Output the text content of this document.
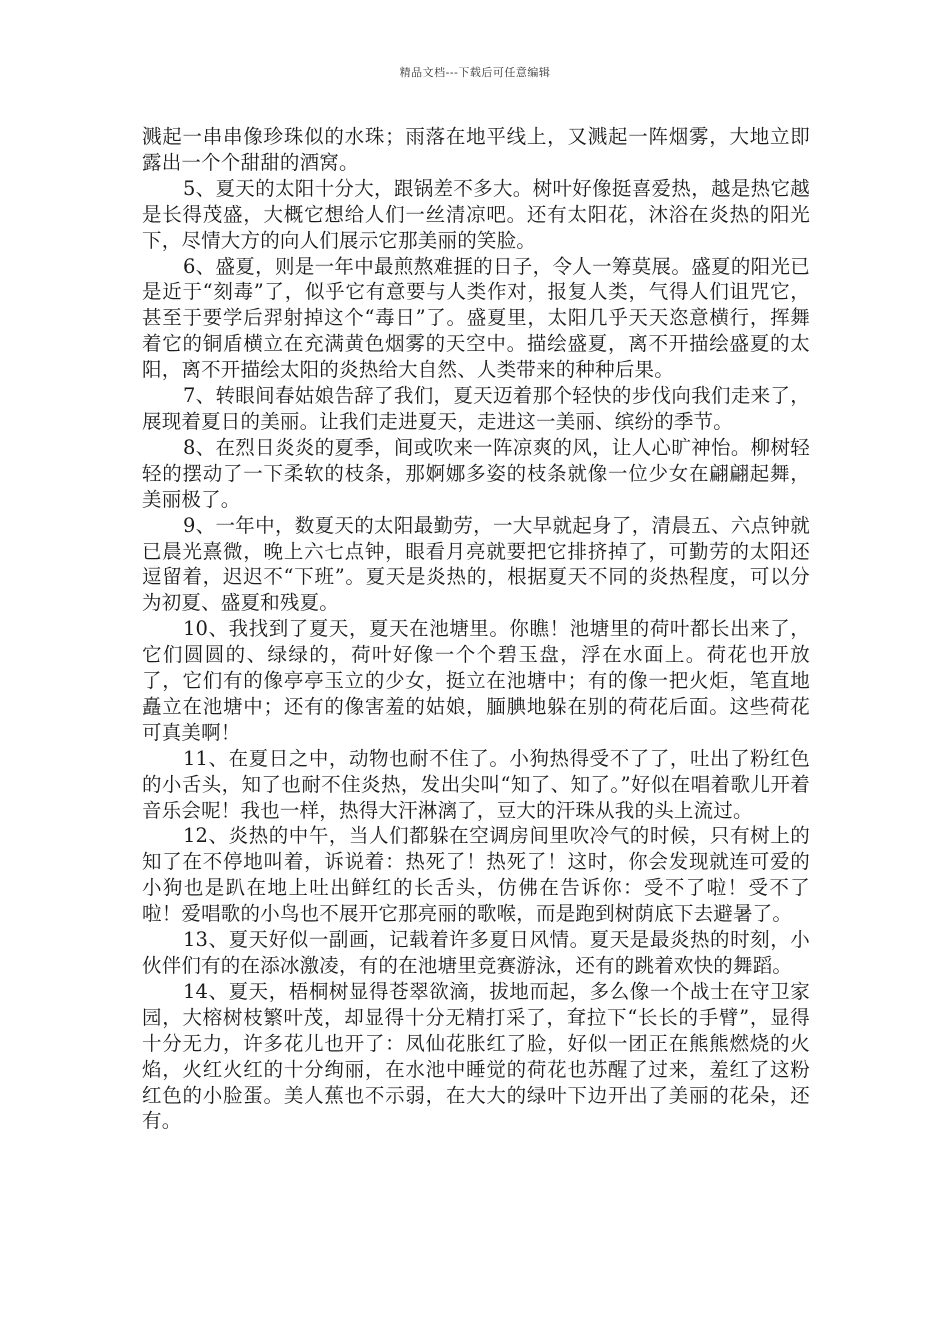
精品文档---下载后可任意编辑

溅起一串串像珍珠似的水珠；雨落在地平线上，又溅起一阵烟雾，大地立即露出一个个甜甜的酒窝。

5、夏天的太阳十分大，跟锅差不多大。树叶好像挺喜爱热，越是热它越是长得茂盛，大概它想给人们一丝清凉吧。还有太阳花，沐浴在炎热的阳光下，尽情大方的向人们展示它那美丽的笑脸。

6、盛夏，则是一年中最煎熬难捱的日子，令人一筹莫展。盛夏的阳光已是近于“刻毒”了，似乎它有意要与人类作对，报复人类，气得人们诅咒它，甚至于要学后羿射掉这个“毒日”了。盛夏里，太阳几乎天天恣意横行，挥舞着它的铜盾横立在充满黄色烟雾的天空中。描绘盛夏，离不开描绘盛夏的太阳，离不开描绘太阳的炎热给大自然、人类带来的种种后果。

7、转眼间春姑娘告辞了我们，夏天迈着那个轻快的步伐向我们走来了，展现着夏日的美丽。让我们走进夏天，走进这一美丽、缤纷的季节。

8、在烈日炎炎的夏季，间或吹来一阵凉爽的风，让人心旷神怡。柳树轻轻的摆动了一下柔软的枝条，那婀娜多姿的枝条就像一位少女在翩翩起舞，美丽极了。

9、一年中，数夏天的太阳最勤劳，一大早就起身了，清晨五、六点钟就已晨光熹微，晚上六七点钟，眼看月亮就要把它排挤掉了，可勤劳的太阳还逗留着，迟迟不“下班”。夏天是炎热的，根据夏天不同的炎热程度，可以分为初夏、盛夏和残夏。

10、我找到了夏天，夏天在池塘里。你瞧！池塘里的荷叶都长出来了，它们圆圆的、绿绿的，荷叶好像一个个碧玉盘，浮在水面上。荷花也开放了，它们有的像亭亭玉立的少女，挺立在池塘中；有的像一把火炬，笔直地矗立在池塘中；还有的像害羞的姑娘，腼腆地躲在别的荷花后面。这些荷花可真美啊！

11、在夏日之中，动物也耐不住了。小狗热得受不了了，吐出了粉红色的小舌头，知了也耐不住炎热，发出尖叫“知了、知了。”好似在唱着歌儿开着音乐会呢！我也一样，热得大汗淋漓了，豆大的汗珠从我的头上流过。

12、炎热的中午，当人们都躲在空调房间里吹冷气的时候，只有树上的知了在不停地叫着，诉说着：热死了！热死了！这时，你会发现就连可爱的小狗也是趴在地上吐出鲜红的长舌头，仿佛在告诉你：受不了啦！受不了啦！爱唱歌的小鸟也不展开它那亮丽的歌喉，而是跑到树荫底下去避暑了。

13、夏天好似一副画，记载着许多夏日风情。夏天是最炎热的时刻，小伙伴们有的在添冰激凌，有的在池塘里竞赛游泳，还有的跳着欢快的舞蹈。

14、夏天，梧桐树显得苍翠欲滴，拔地而起，多么像一个战士在守卫家园，大榕树枝繁叶茂，却显得十分无精打采了，耷拉下“长长的手臂”，显得十分无力，许多花儿也开了：凤仙花胀红了脸，好似一团正在熊熊燃烧的火焰，火红火红的十分绚丽，在水池中睡觉的荷花也苏醒了过来，羞红了这粉红色的小脸蛋。美人蕉也不示弱，在大大的绿叶下边开出了美丽的花朵，还有。
